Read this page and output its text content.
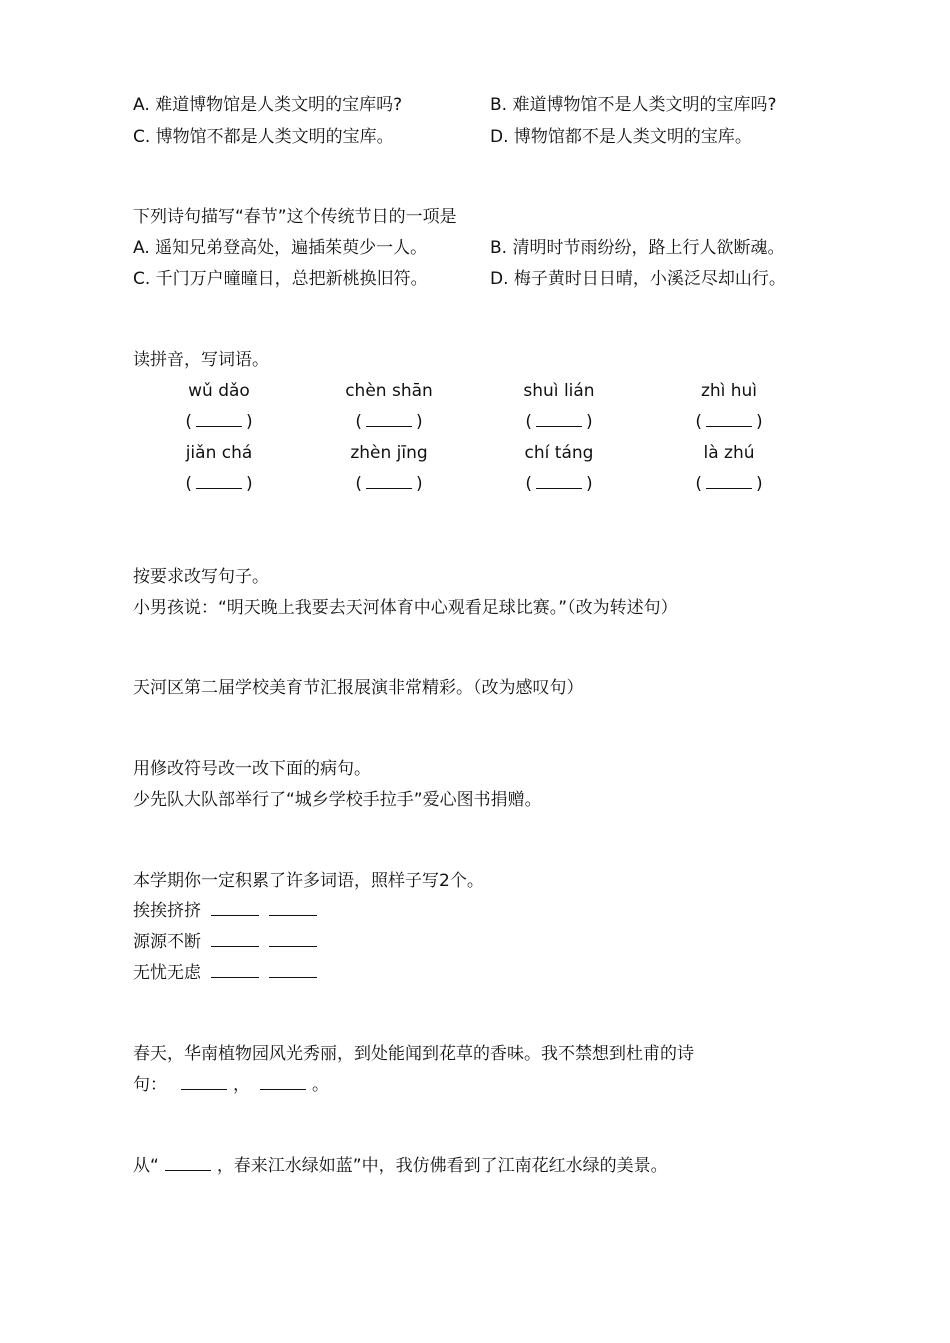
A. 难道博物馆是人类文明的宝库吗?	B. 难道博物馆不是人类文明的宝库吗?
C. 博物馆不都是人类文明的宝库。	D. 博物馆都不是人类文明的宝库。
下列诗句描写“春节”这个传统节日的一项是
A. 遥知兄弟登高处，遍插茱萸少一人。	B. 清明时节雨纷纷，路上行人欲断魂。
C. 千门万户曈曈日，总把新桃换旧符。	D. 梅子黄时日日晴，小溪泛尽却山行。
读拼音，写词语。
wǔ dǎo	chèn shān	shuì lián	zhì huì
(	)	(	)	(	)	(	)
jiǎn chá	zhèn jīng	chí táng	là zhú
(	)	(	)	(	)	(	)
按要求改写句子。
小男孩说：“明天晚上我要去天河体育中心观看足球比赛。”（改为转述句）
天河区第二届学校美育节汇报展演非常精彩。（改为感叹句）
用修改符号改一改下面的病句。
少先队大队部举行了“城乡学校手拉手”爱心图书捐赠。
本学期你一定积累了许多词语，照样子写2个。
挨挨挤挤
源源不断
无忧无虑
春天，华南植物园风光秀丽，到处能闻到花草的香味。我不禁想到杜甫的诗
句：	，	。
从“	，春来江水绿如蓝”中，我仿佛看到了江南花红水绿的美景。
